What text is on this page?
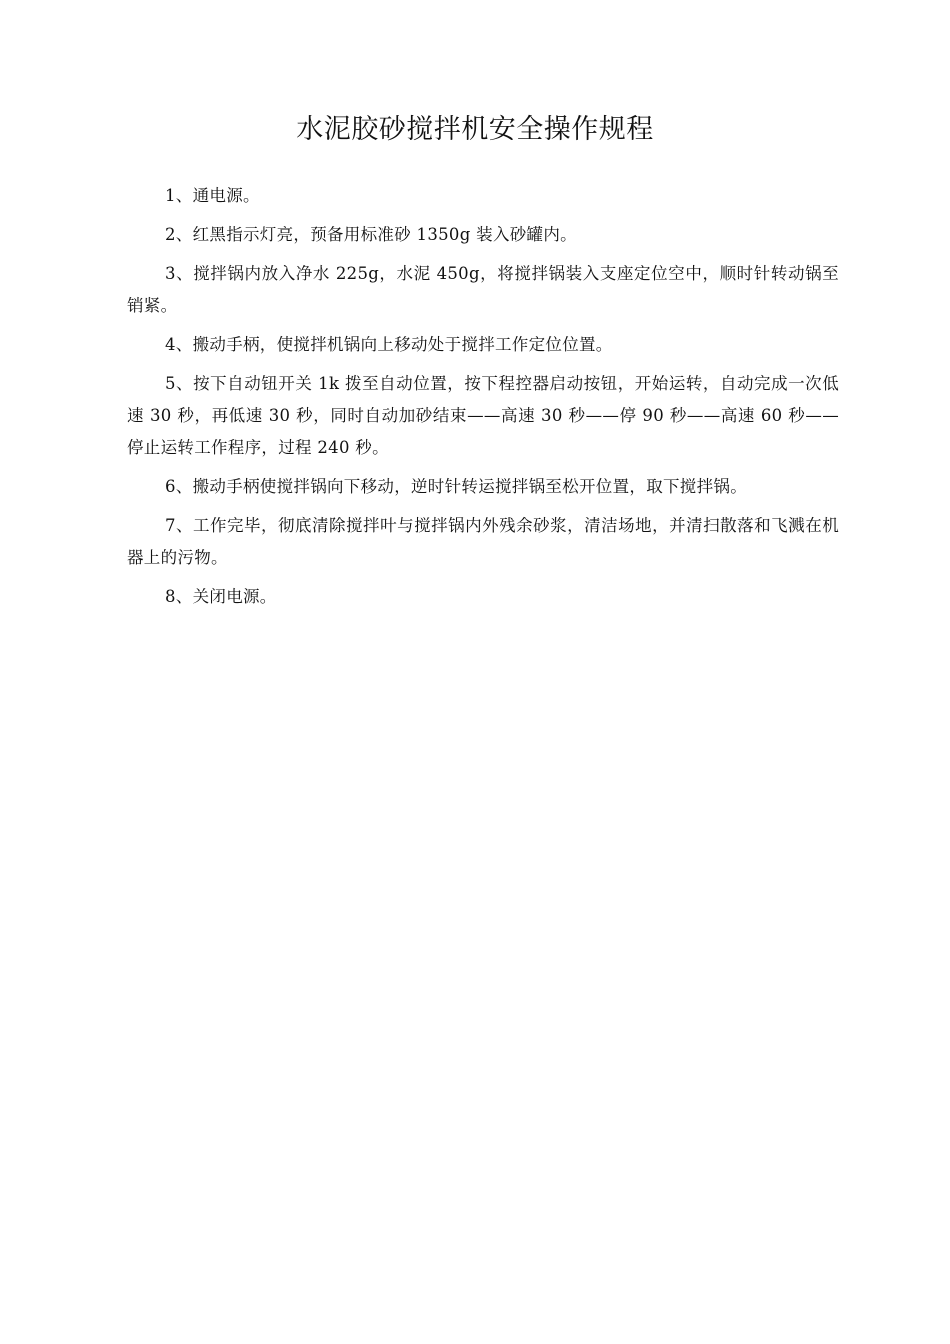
水泥胶砂搅拌机安全操作规程

1、通电源。

2、红黑指示灯亮，预备用标准砂 1350g 装入砂罐内。

3、搅拌锅内放入净水 225g，水泥 450g，将搅拌锅装入支座定位空中，顺时针转动锅至销紧。

4、搬动手柄，使搅拌机锅向上移动处于搅拌工作定位位置。

5、按下自动钮开关 1k 拨至自动位置，按下程控器启动按钮，开始运转，自动完成一次低速 30 秒，再低速 30 秒，同时自动加砂结束——高速 30 秒——停 90 秒——高速 60 秒——停止运转工作程序，过程 240 秒。

6、搬动手柄使搅拌锅向下移动，逆时针转运搅拌锅至松开位置，取下搅拌锅。

7、工作完毕，彻底清除搅拌叶与搅拌锅内外残余砂浆，清洁场地，并清扫散落和飞溅在机器上的污物。

8、关闭电源。
